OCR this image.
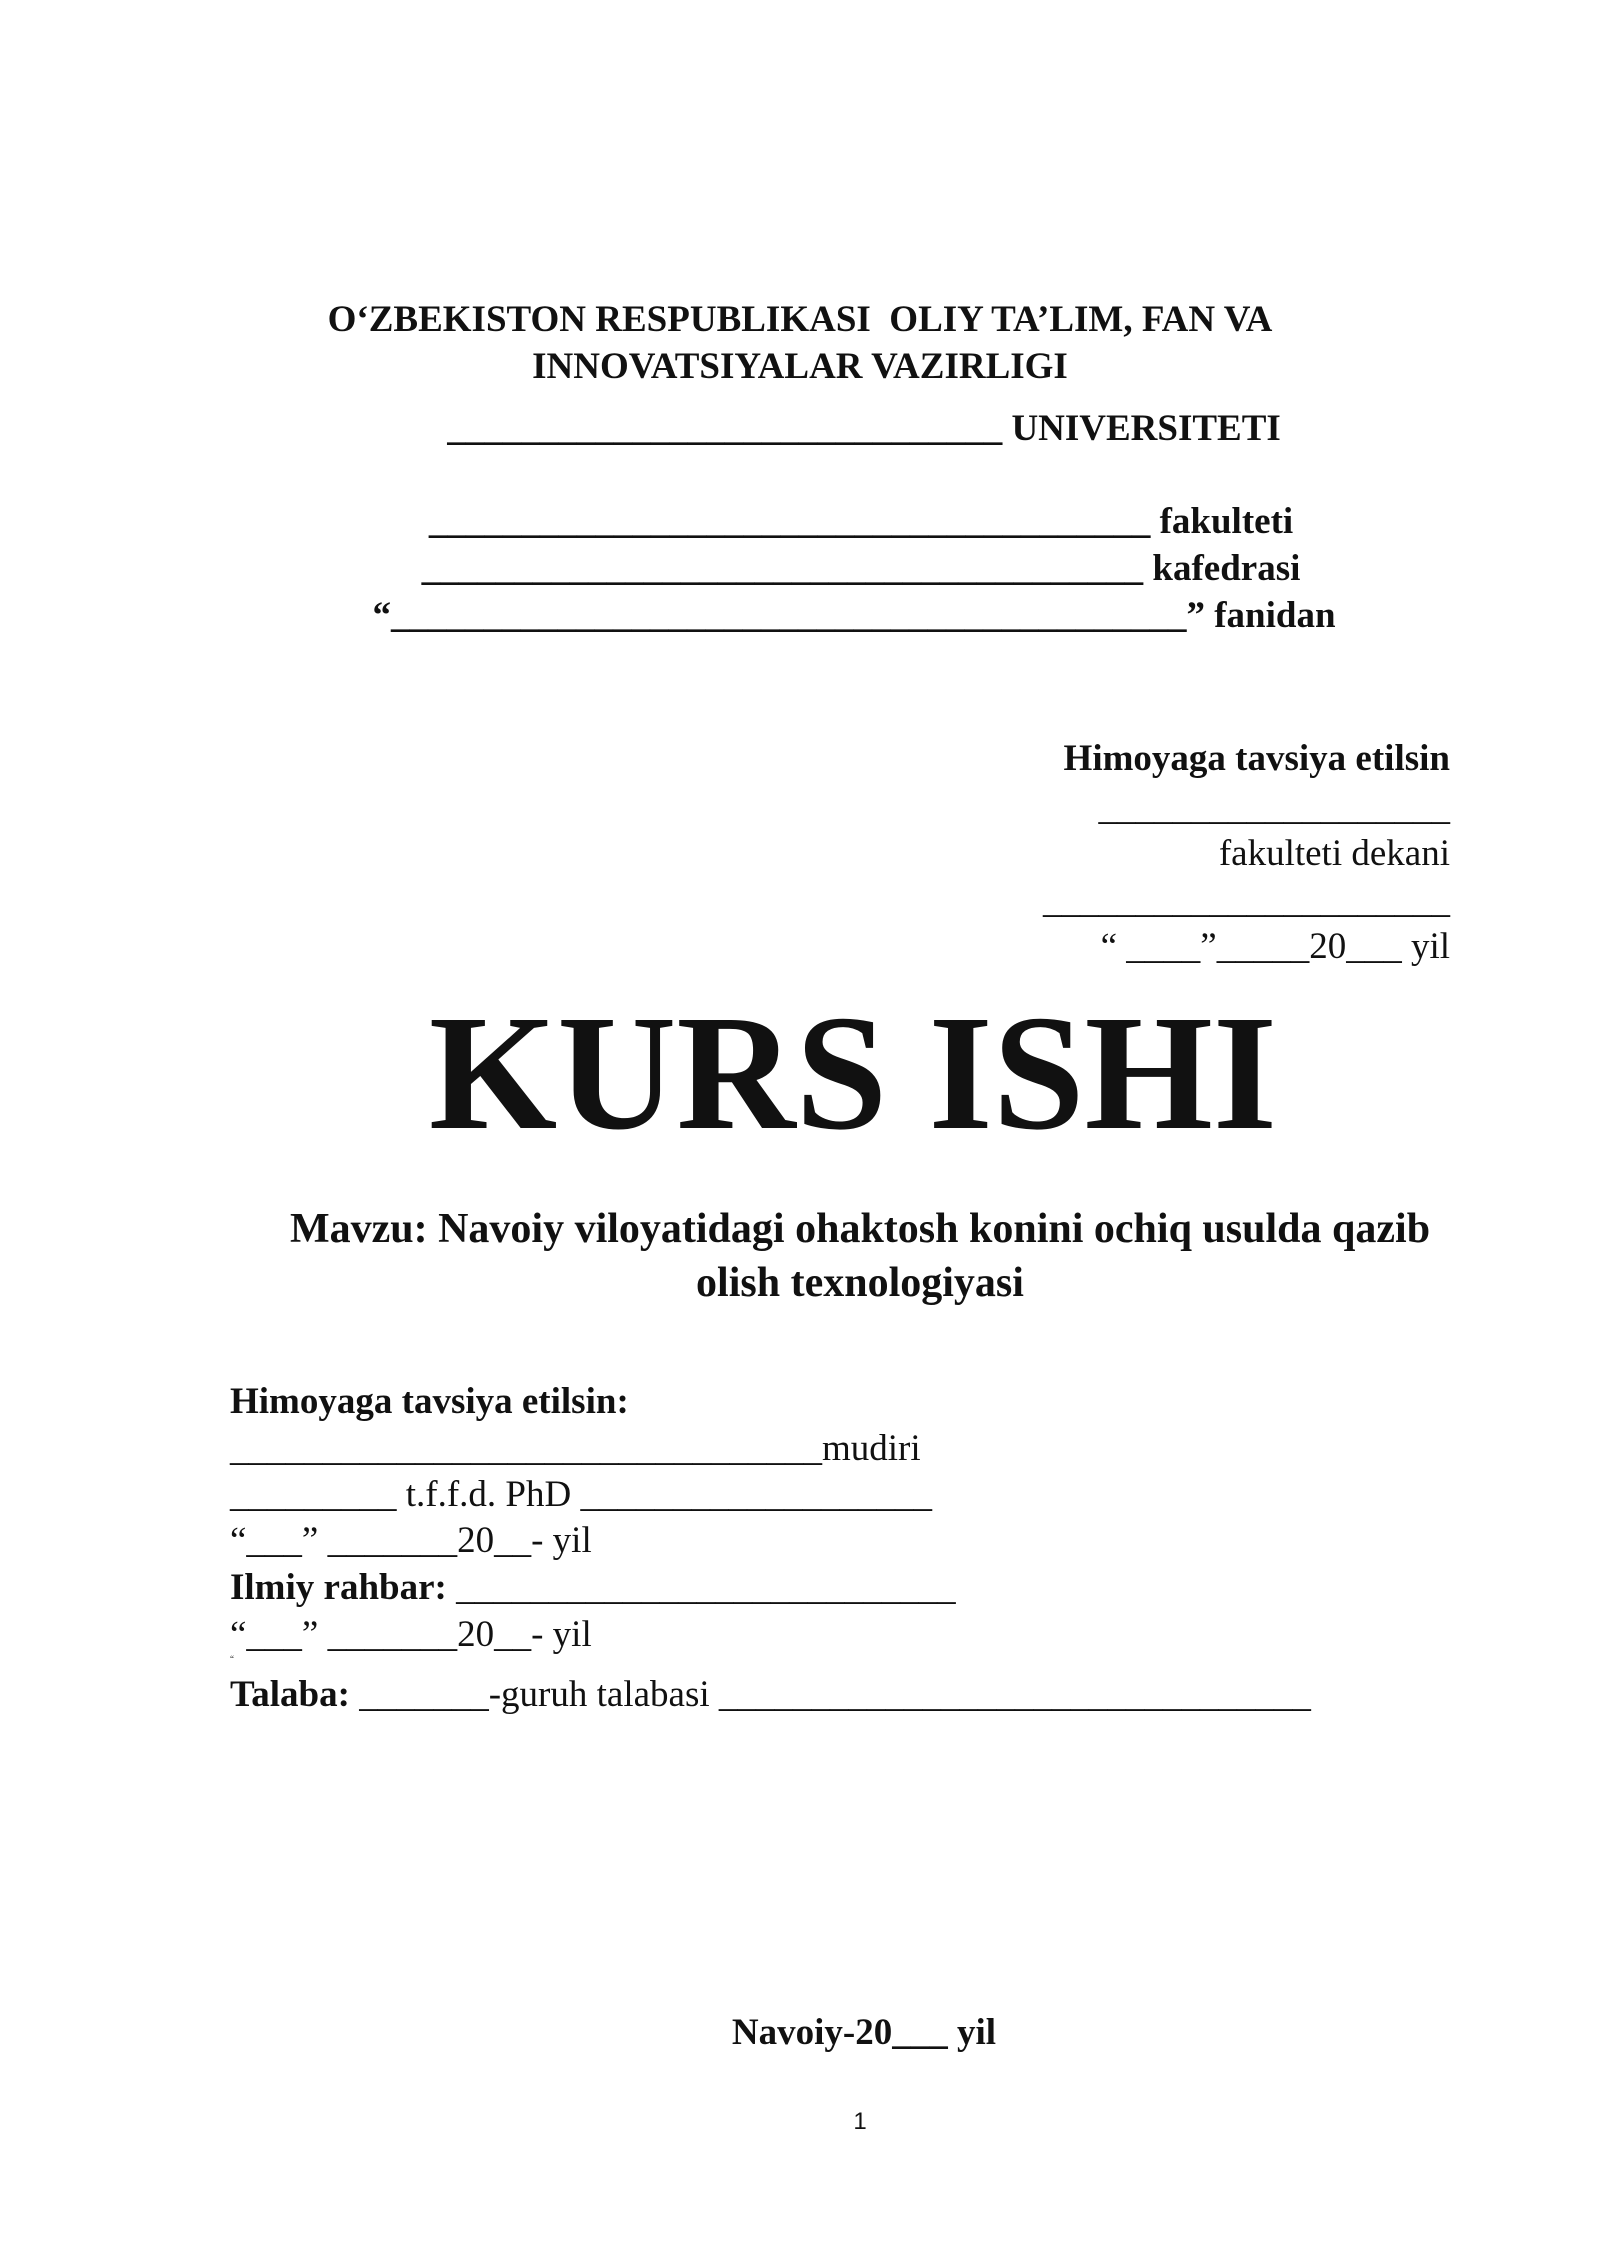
O‘ZBEKISTON RESPUBLIKASI  OLIY TA’LIM, FAN VA
INNOVATSIYALAR VAZIRLIGI
______________________________ UNIVERSITETI
_______________________________________ fakulteti
_______________________________________ kafedrasi
“___________________________________________” fanidan
Himoyaga tavsiya etilsin
___________________
fakulteti dekani
______________________
“ ____”_____20___ yil
KURS ISHI
Mavzu: Navoiy viloyatidagi ohaktosh konini ochiq usulda qazib olish texnologiyasi
Himoyaga tavsiya etilsin:
________________________________mudiri
_________ t.f.f.d. PhD ___________________
“___” _______20__- yil
Ilmiy rahbar: ___________________________
“___” _______20__- yil
“
Talaba: _______-guruh talabasi ________________________________
Navoiy-20___ yil
1
